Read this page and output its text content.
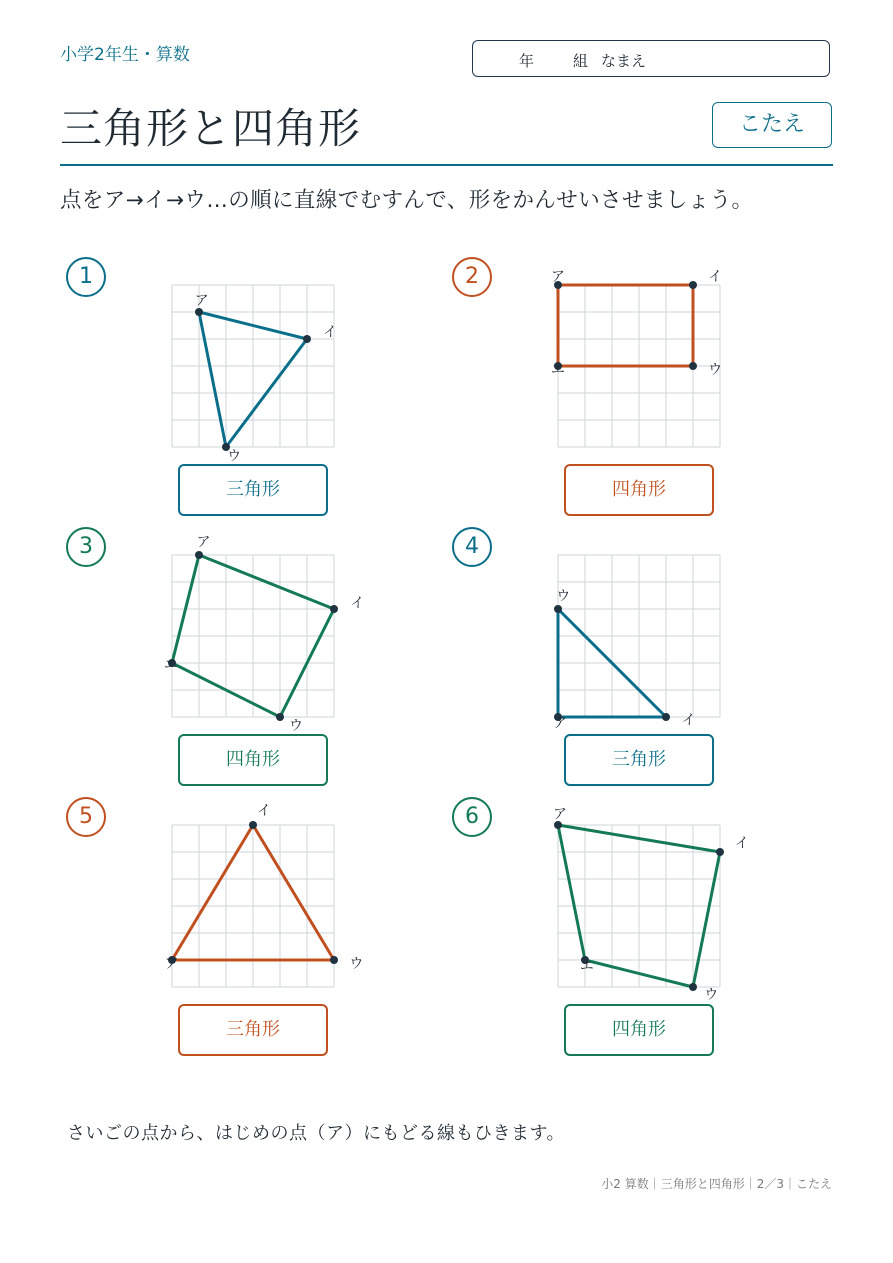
小学2年生・算数	年	組 なまえ
三角形と四角形	こたえ
点をア→イ→ウ…の順に直線でむすんで、形をかんせいさせましょう。
1
ア
イ
ウ
三角形
2	ア	イ
ウ
エ
四角形
3	ア
イ
ウ
エ
四角形
4
ア	イ
ウ
三角形
5
ア
イ
ウ
三角形
6	ア
イ
ウ
エ
四角形
さいごの点から、はじめの点（ア）にもどる線もひきます。
小2 算数｜三角形と四角形｜2／3｜こたえ
